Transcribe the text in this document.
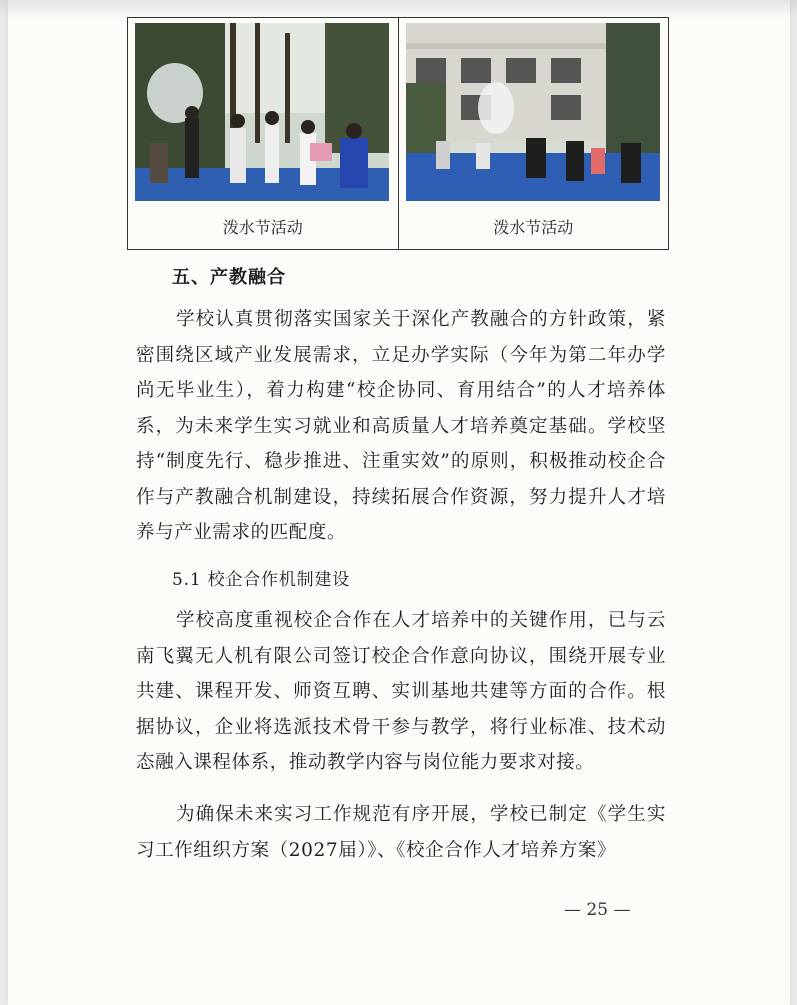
泼水节活动	泼水节活动
五、产教融合

学校认真贯彻落实国家关于深化产教融合的方针政策，紧密围绕区域产业发展需求，立足办学实际（今年为第二年办学尚无毕业生），着力构建“校企协同、育用结合”的人才培养体系，为未来学生实习就业和高质量人才培养奠定基础。学校坚持“制度先行、稳步推进、注重实效”的原则，积极推动校企合作与产教融合机制建设，持续拓展合作资源，努力提升人才培养与产业需求的匹配度。

5.1 校企合作机制建设

学校高度重视校企合作在人才培养中的关键作用，已与云南飞翼无人机有限公司签订校企合作意向协议，围绕开展专业共建、课程开发、师资互聘、实训基地共建等方面的合作。根据协议，企业将选派技术骨干参与教学，将行业标准、技术动态融入课程体系，推动教学内容与岗位能力要求对接。

为确保未来实习工作规范有序开展，学校已制定《学生实习工作组织方案（2027届）》、《校企合作人才培养方案》

— 25 —
